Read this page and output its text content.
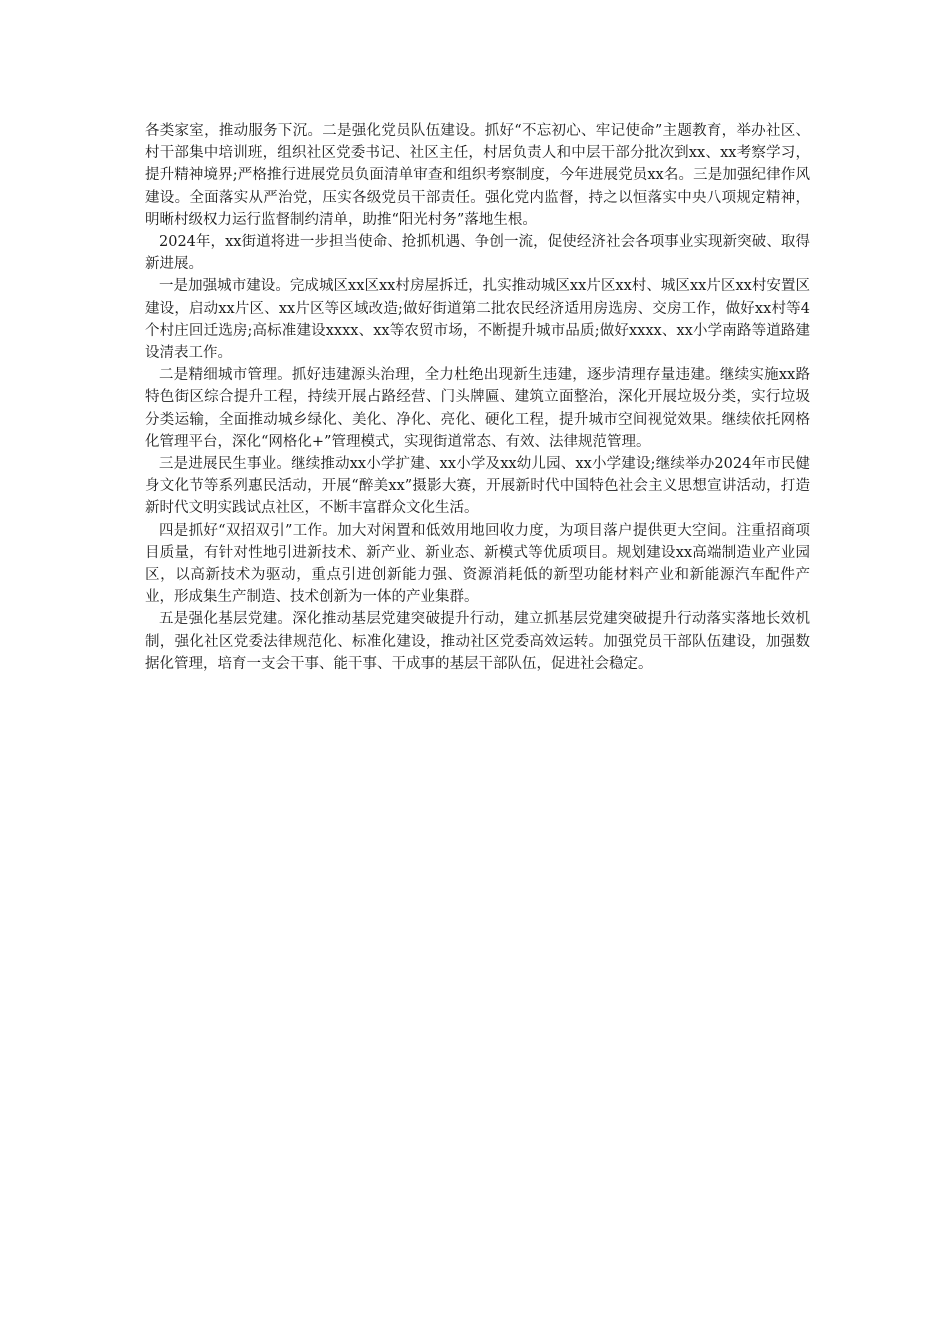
各类家室，推动服务下沉。二是强化党员队伍建设。抓好“不忘初心、牢记使命”主题教育，举办社区、村干部集中培训班，组织社区党委书记、社区主任，村居负责人和中层干部分批次到xx、xx考察学习，提升精神境界;严格推行进展党员负面清单审查和组织考察制度，今年进展党员xx名。三是加强纪律作风建设。全面落实从严治党，压实各级党员干部责任。强化党内监督，持之以恒落实中央八项规定精神，明晰村级权力运行监督制约清单，助推“阳光村务”落地生根。

2024年，xx街道将进一步担当使命、抢抓机遇、争创一流，促使经济社会各项事业实现新突破、取得新进展。

一是加强城市建设。完成城区xx区xx村房屋拆迁，扎实推动城区xx片区xx村、城区xx片区xx村安置区建设，启动xx片区、xx片区等区域改造;做好街道第二批农民经济适用房选房、交房工作，做好xx村等4个村庄回迁选房;高标准建设xxxx、xx等农贸市场，不断提升城市品质;做好xxxx、xx小学南路等道路建设清表工作。

二是精细城市管理。抓好违建源头治理，全力杜绝出现新生违建，逐步清理存量违建。继续实施xx路特色街区综合提升工程，持续开展占路经营、门头牌匾、建筑立面整治，深化开展垃圾分类，实行垃圾分类运输，全面推动城乡绿化、美化、净化、亮化、硬化工程，提升城市空间视觉效果。继续依托网格化管理平台，深化“网格化+”管理模式，实现街道常态、有效、法律规范管理。

三是进展民生事业。继续推动xx小学扩建、xx小学及xx幼儿园、xx小学建设;继续举办2024年市民健身文化节等系列惠民活动，开展“醉美xx”摄影大赛，开展新时代中国特色社会主义思想宣讲活动，打造新时代文明实践试点社区，不断丰富群众文化生活。

四是抓好“双招双引”工作。加大对闲置和低效用地回收力度，为项目落户提供更大空间。注重招商项目质量，有针对性地引进新技术、新产业、新业态、新模式等优质项目。规划建设xx高端制造业产业园区，以高新技术为驱动，重点引进创新能力强、资源消耗低的新型功能材料产业和新能源汽车配件产业，形成集生产制造、技术创新为一体的产业集群。

五是强化基层党建。深化推动基层党建突破提升行动，建立抓基层党建突破提升行动落实落地长效机制，强化社区党委法律规范化、标准化建设，推动社区党委高效运转。加强党员干部队伍建设，加强数据化管理，培育一支会干事、能干事、干成事的基层干部队伍，促进社会稳定。
